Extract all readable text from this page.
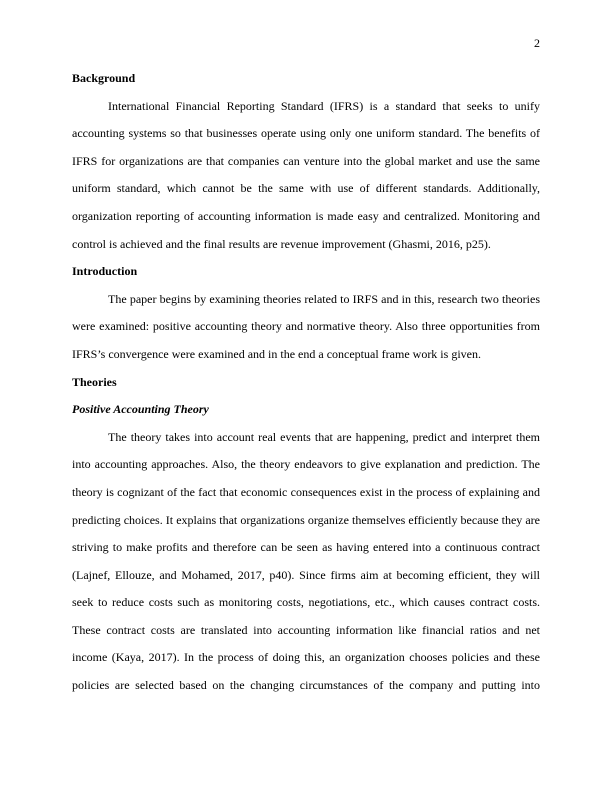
2

Background

International Financial Reporting Standard (IFRS) is a standard that seeks to unify accounting systems so that businesses operate using only one uniform standard. The benefits of IFRS for organizations are that companies can venture into the global market and use the same uniform standard, which cannot be the same with use of different standards. Additionally, organization reporting of accounting information is made easy and centralized. Monitoring and control is achieved and the final results are revenue improvement (Ghasmi, 2016, p25).

Introduction

The paper begins by examining theories related to IRFS and in this, research two theories were examined: positive accounting theory and normative theory. Also three opportunities from IFRS’s convergence were examined and in the end a conceptual frame work is given.

Theories

Positive Accounting Theory

The theory takes into account real events that are happening, predict and interpret them into accounting approaches. Also, the theory endeavors to give explanation and prediction. The theory is cognizant of the fact that economic consequences exist in the process of explaining and predicting choices. It explains that organizations organize themselves efficiently because they are striving to make profits and therefore can be seen as having entered into a continuous contract (Lajnef, Ellouze, and Mohamed, 2017, p40). Since firms aim at becoming efficient, they will seek to reduce costs such as monitoring costs, negotiations, etc., which causes contract costs. These contract costs are translated into accounting information like financial ratios and net income (Kaya, 2017). In the process of doing this, an organization chooses policies and these policies are selected based on the changing circumstances of the company and putting into
